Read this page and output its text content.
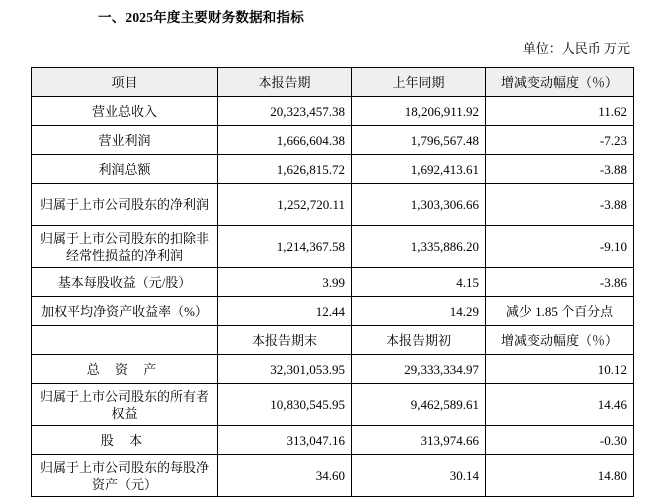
一、2025年度主要财务数据和指标
单位：人民币 万元
项目	本报告期	上年同期	增减变动幅度（％）
营业总收入	20,323,457.38	18,206,911.92	11.62
营业利润	1,666,604.38	1,796,567.48	-7.23
利润总额	1,626,815.72	1,692,413.61	-3.88
归属于上市公司股东的净利润	1,252,720.11	1,303,306.66	-3.88
归属于上市公司股东的扣除非经常性损益的净利润	1,214,367.58	1,335,886.20	-9.10
基本每股收益（元/股）	3.99	4.15	-3.86
加权平均净资产收益率（%）	12.44	14.29	减少 1.85 个百分点
	本报告期末	本报告期初	增减变动幅度（％）
总 资 产	32,301,053.95	29,333,334.97	10.12
归属于上市公司股东的所有者权益	10,830,545.95	9,462,589.61	14.46
股 本	313,047.16	313,974.66	-0.30
归属于上市公司股东的每股净资产（元）	34.60	30.14	14.80
